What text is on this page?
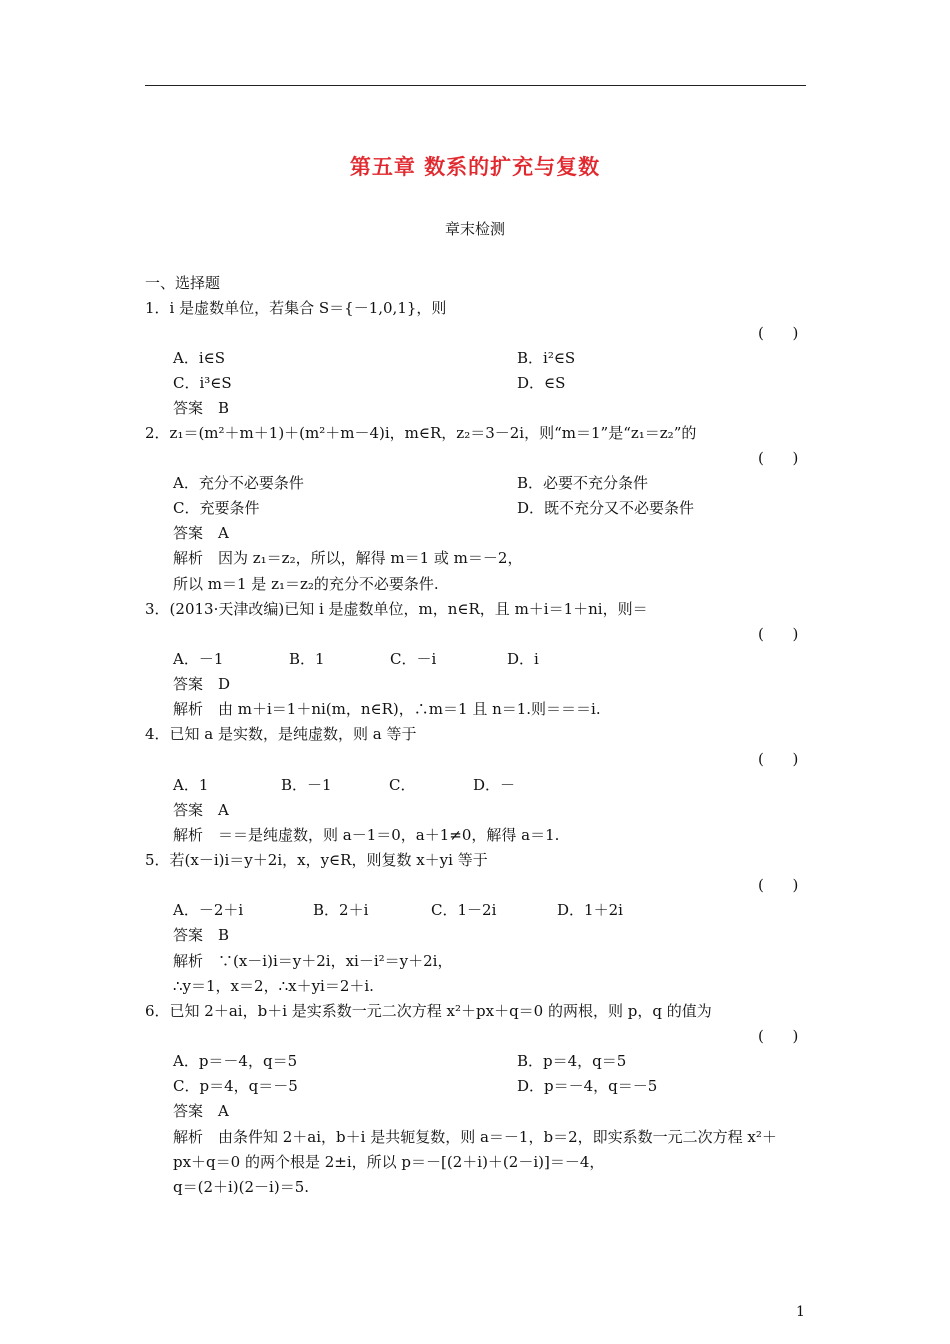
第五章 数系的扩充与复数
章末检测
一、选择题
1．i 是虚数单位，若集合 S＝{－1,0,1}，则
(      )
A．i∈S	B．i²∈S
C．i³∈S	D．∈S
答案　B
2．z₁＝(m²＋m＋1)＋(m²＋m－4)i，m∈R，z₂＝3－2i，则“m＝1”是“z₁＝z₂”的
(      )
A．充分不必要条件	B．必要不充分条件
C．充要条件	D．既不充分又不必要条件
答案　A
解析　因为 z₁＝z₂，所以，解得 m＝1 或 m＝－2，
所以 m＝1 是 z₁＝z₂的充分不必要条件.
3．(2013·天津改编)已知 i 是虚数单位，m，n∈R，且 m＋i＝1＋ni，则＝
(      )
A．－1	B．1	C．－i	D．i
答案　D
解析　由 m＋i＝1＋ni(m，n∈R)，∴m＝1 且 n＝1.则＝＝＝i.
4．已知 a 是实数，是纯虚数，则 a 等于
(      )
A．1	B．－1	C．	D．－
答案　A
解析　＝＝是纯虚数，则 a－1＝0，a＋1≠0，解得 a＝1.
5．若(x－i)i＝y＋2i，x，y∈R，则复数 x＋yi 等于
(      )
A．－2＋i	B．2＋i	C．1－2i	D．1＋2i
答案　B
解析　∵(x－i)i＝y＋2i，xi－i²＝y＋2i，
∴y＝1，x＝2，∴x＋yi＝2＋i.
6．已知 2＋ai，b＋i 是实系数一元二次方程 x²＋px＋q＝0 的两根，则 p，q 的值为
(      )
A．p＝－4，q＝5	B．p＝4，q＝5
C．p＝4，q＝－5	D．p＝－4，q＝－5
答案　A
解析　由条件知 2＋ai，b＋i 是共轭复数，则 a＝－1，b＝2，即实系数一元二次方程 x²＋
px＋q＝0 的两个根是 2±i，所以 p＝－[(2＋i)＋(2－i)]＝－4，
q＝(2＋i)(2－i)＝5.
1
